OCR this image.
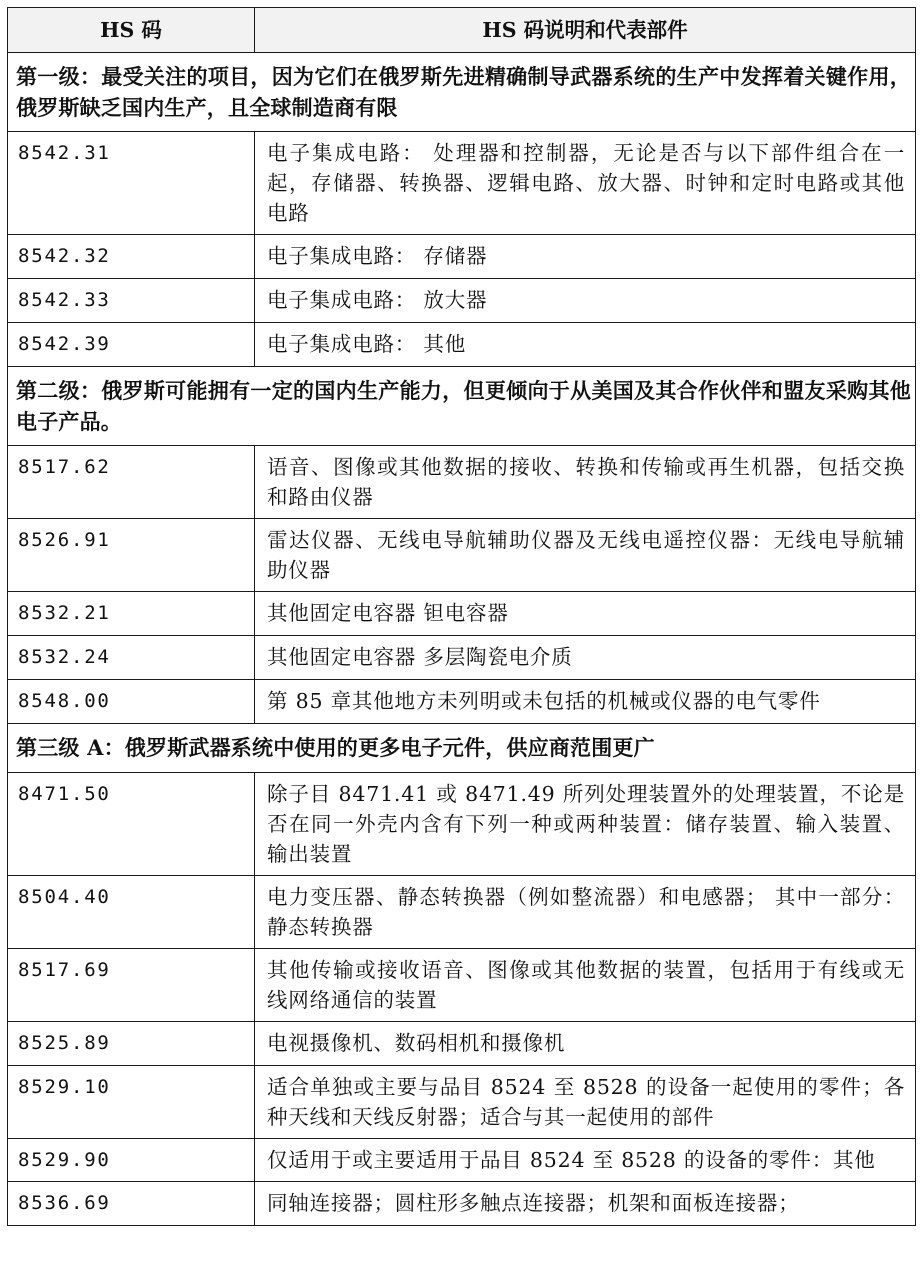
HS 码	HS 码说明和代表部件
第一级：最受关注的项目，因为它们在俄罗斯先进精确制导武器系统的生产中发挥着关键作用，俄罗斯缺乏国内生产，且全球制造商有限	
8542.31	电子集成电路： 处理器和控制器，无论是否与以下部件组合在一起，存储器、转换器、逻辑电路、放大器、时钟和定时电路或其他电路
8542.32	电子集成电路： 存储器
8542.33	电子集成电路： 放大器
8542.39	电子集成电路： 其他
第二级：俄罗斯可能拥有一定的国内生产能力，但更倾向于从美国及其合作伙伴和盟友采购其他电子产品。	
8517.62	语音、图像或其他数据的接收、转换和传输或再生机器，包括交换和路由仪器
8526.91	雷达仪器、无线电导航辅助仪器及无线电遥控仪器：无线电导航辅助仪器
8532.21	其他固定电容器 钽电容器
8532.24	其他固定电容器 多层陶瓷电介质
8548.00	第 85 章其他地方未列明或未包括的机械或仪器的电气零件
第三级 A：俄罗斯武器系统中使用的更多电子元件，供应商范围更广	
8471.50	除子目 8471.41 或 8471.49 所列处理装置外的处理装置，不论是否在同一外壳内含有下列一种或两种装置：储存装置、输入装置、输出装置
8504.40	电力变压器、静态转换器（例如整流器）和电感器； 其中一部分：静态转换器
8517.69	其他传输或接收语音、图像或其他数据的装置，包括用于有线或无线网络通信的装置
8525.89	电视摄像机、数码相机和摄像机
8529.10	适合单独或主要与品目 8524 至 8528 的设备一起使用的零件；各种天线和天线反射器；适合与其一起使用的部件
8529.90	仅适用于或主要适用于品目 8524 至 8528 的设备的零件：其他
8536.69	同轴连接器；圆柱形多触点连接器；机架和面板连接器；
